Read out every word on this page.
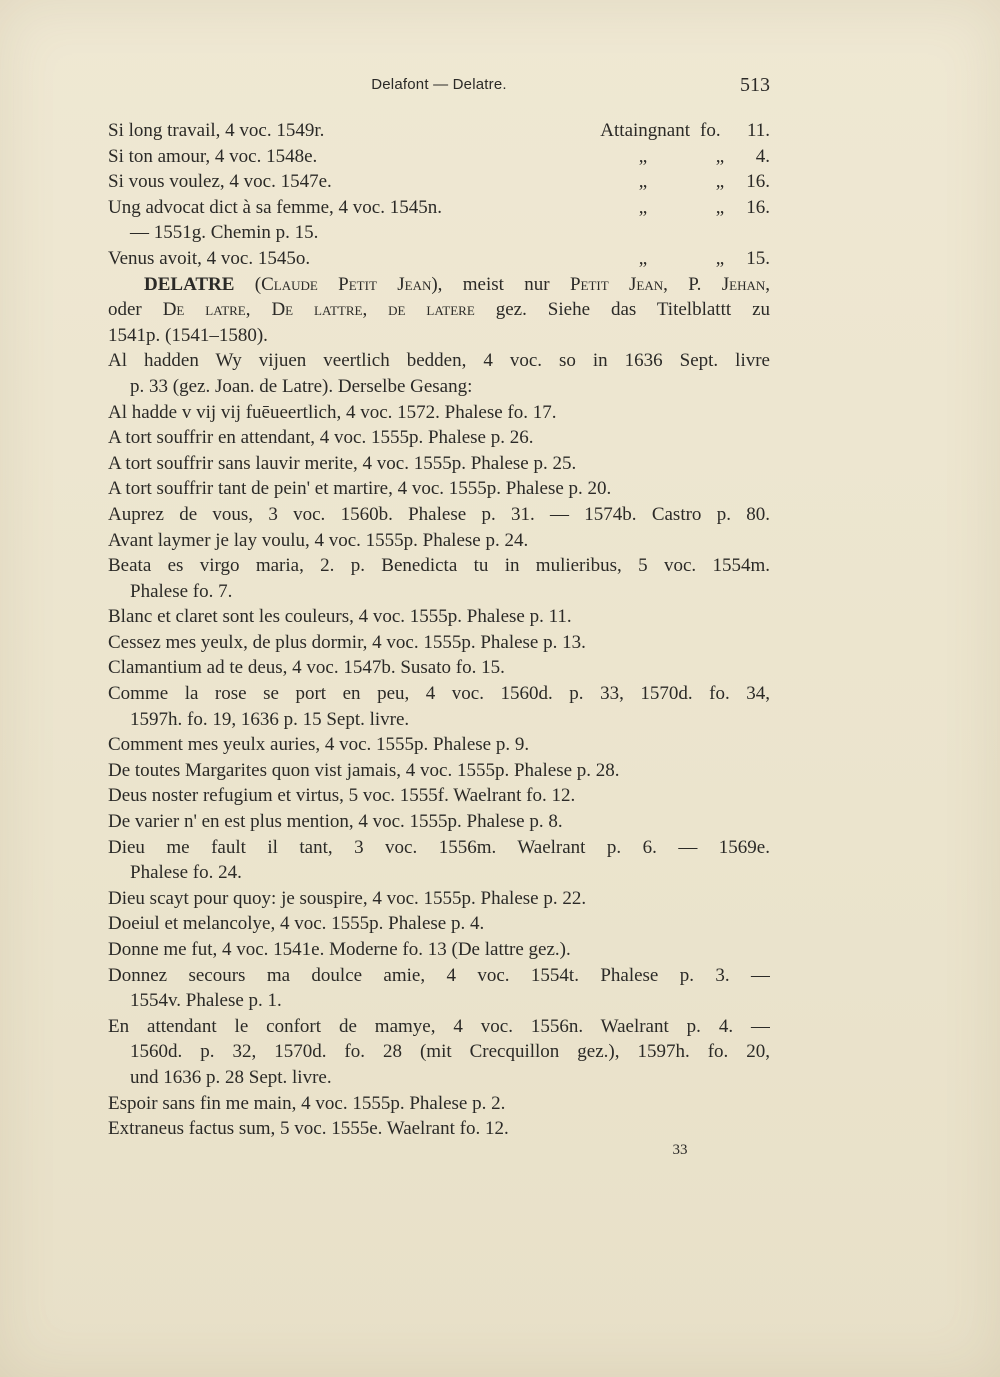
Delafont — Delatre.	513
Si long travail, 4 voc. 1549r.	Attaingnant fo.	11.
Si ton amour, 4 voc. 1548e.	„	„	4.
Si vous voulez, 4 voc. 1547e.	„	„	16.
Ung advocat dict à sa femme, 4 voc. 1545n.	„	„	16.
— 1551g. Chemin p. 15.
Venus avoit, 4 voc. 1545o.	„	„	15.
DELATRE (Claude Petit Jean), meist nur Petit Jean, P. Jehan,
oder De latre, De lattre, de latere gez. Siehe das Titelblattt zu
1541p. (1541–1580).
Al hadden Wy vijuen veertlich bedden, 4 voc. so in 1636 Sept. livre
p. 33 (gez. Joan. de Latre). Derselbe Gesang:
Al hadde v vij vij fuēueertlich, 4 voc. 1572. Phalese fo. 17.
A tort souffrir en attendant, 4 voc. 1555p. Phalese p. 26.
A tort souffrir sans lauvir merite, 4 voc. 1555p. Phalese p. 25.
A tort souffrir tant de pein' et martire, 4 voc. 1555p. Phalese p. 20.
Auprez de vous, 3 voc. 1560b. Phalese p. 31. — 1574b. Castro p. 80.
Avant laymer je lay voulu, 4 voc. 1555p. Phalese p. 24.
Beata es virgo maria, 2. p. Benedicta tu in mulieribus, 5 voc. 1554m.
Phalese fo. 7.
Blanc et claret sont les couleurs, 4 voc. 1555p. Phalese p. 11.
Cessez mes yeulx, de plus dormir, 4 voc. 1555p. Phalese p. 13.
Clamantium ad te deus, 4 voc. 1547b. Susato fo. 15.
Comme la rose se port en peu, 4 voc. 1560d. p. 33, 1570d. fo. 34,
1597h. fo. 19, 1636 p. 15 Sept. livre.
Comment mes yeulx auries, 4 voc. 1555p. Phalese p. 9.
De toutes Margarites quon vist jamais, 4 voc. 1555p. Phalese p. 28.
Deus noster refugium et virtus, 5 voc. 1555f. Waelrant fo. 12.
De varier n' en est plus mention, 4 voc. 1555p. Phalese p. 8.
Dieu me fault il tant, 3 voc. 1556m. Waelrant p. 6. — 1569e.
Phalese fo. 24.
Dieu scayt pour quoy: je souspire, 4 voc. 1555p. Phalese p. 22.
Doeiul et melancolye, 4 voc. 1555p. Phalese p. 4.
Donne me fut, 4 voc. 1541e. Moderne fo. 13 (De lattre gez.).
Donnez secours ma doulce amie, 4 voc. 1554t. Phalese p. 3. —
1554v. Phalese p. 1.
En attendant le confort de mamye, 4 voc. 1556n. Waelrant p. 4. —
1560d. p. 32, 1570d. fo. 28 (mit Crecquillon gez.), 1597h. fo. 20,
und 1636 p. 28 Sept. livre.
Espoir sans fin me main, 4 voc. 1555p. Phalese p. 2.
Extraneus factus sum, 5 voc. 1555e. Waelrant fo. 12.
33
